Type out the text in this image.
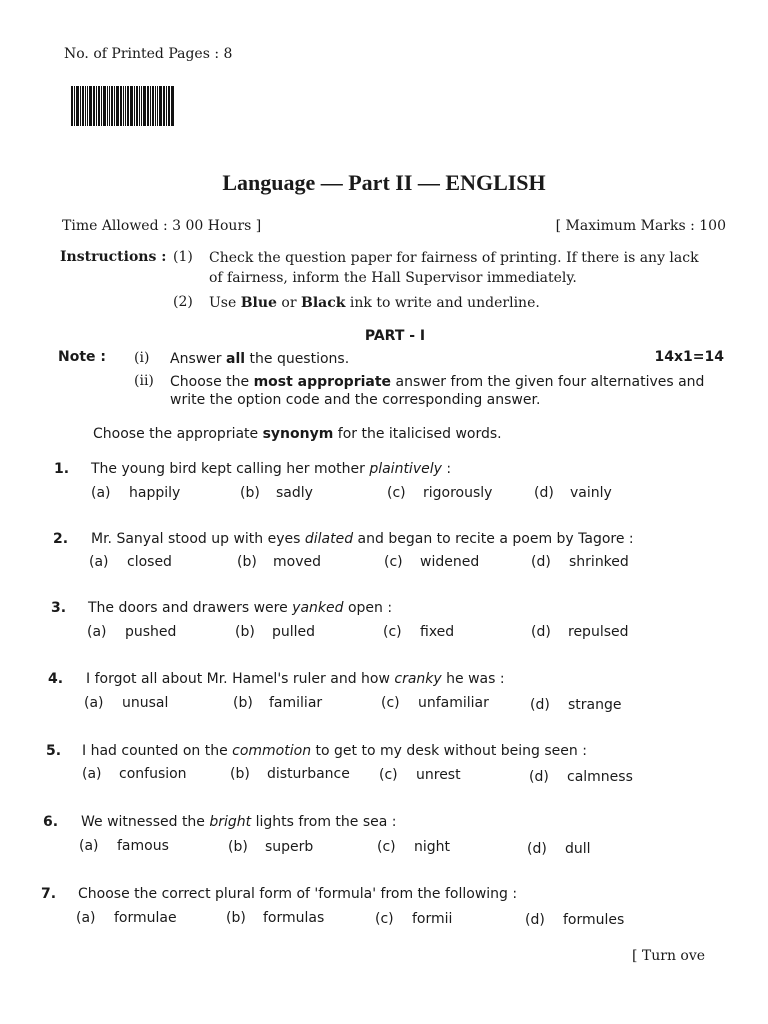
No. of Printed Pages : 8
Language — Part II — ENGLISH
Time Allowed : 3 00 Hours ]	[ Maximum Marks : 100
Instructions : (1) Check the question paper for fairness of printing. If there is any lack of fairness, inform the Hall Supervisor immediately.
(2) Use Blue or Black ink to write and underline.
PART - I
Note :	14x1=14
(i) Answer all the questions.
(ii) Choose the most appropriate answer from the given four alternatives and write the option code and the corresponding answer.
Choose the appropriate synonym for the italicised words.
1. The young bird kept calling her mother plaintively :
(a) happily	(b) sadly	(c) rigorously	(d) vainly
2. Mr. Sanyal stood up with eyes dilated and began to recite a poem by Tagore :
(a) closed	(b) moved	(c) widened	(d) shrinked
3. The doors and drawers were yanked open :
(a) pushed	(b) pulled	(c) fixed	(d) repulsed
4. I forgot all about Mr. Hamel's ruler and how cranky he was :
(a) unusal	(b) familiar	(c) unfamiliar	(d) strange
5. I had counted on the commotion to get to my desk without being seen :
(a) confusion	(b) disturbance (c) unrest	(d) calmness
6. We witnessed the bright lights from the sea :
(a) famous	(b) superb	(c) night	(d) dull
7. Choose the correct plural form of 'formula' from the following :
(a) formulae	(b) formulas	(c) formii	(d) formules
[ Turn ove
